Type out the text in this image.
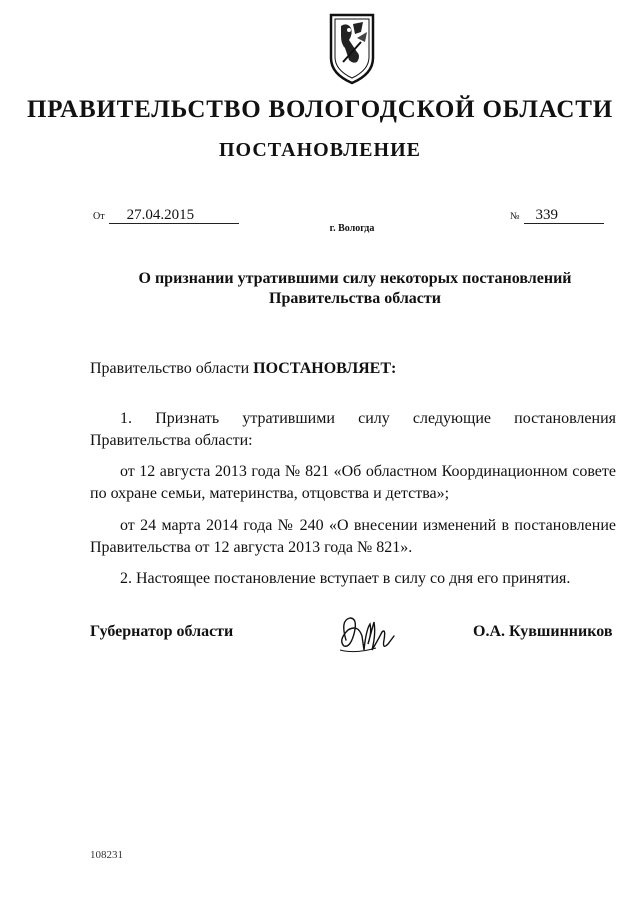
ПРАВИТЕЛЬСТВО ВОЛОГОДСКОЙ ОБЛАСТИ
ПОСТАНОВЛЕНИЕ
От 27.04.2015	№ 339
г. Вологда
О признании утратившими силу некоторых постановлений
Правительства области
Правительство области ПОСТАНОВЛЯЕТ:
1. Признать утратившими силу следующие постановления Правительства области:
от 12 августа 2013 года № 821 «Об областном Координационном совете по охране семьи, материнства, отцовства и детства»;
от 24 марта 2014 года № 240 «О внесении изменений в постановление Правительства от 12 августа 2013 года № 821».
2. Настоящее постановление вступает в силу со дня его принятия.
Губернатор области	О.А. Кувшинников
108231
